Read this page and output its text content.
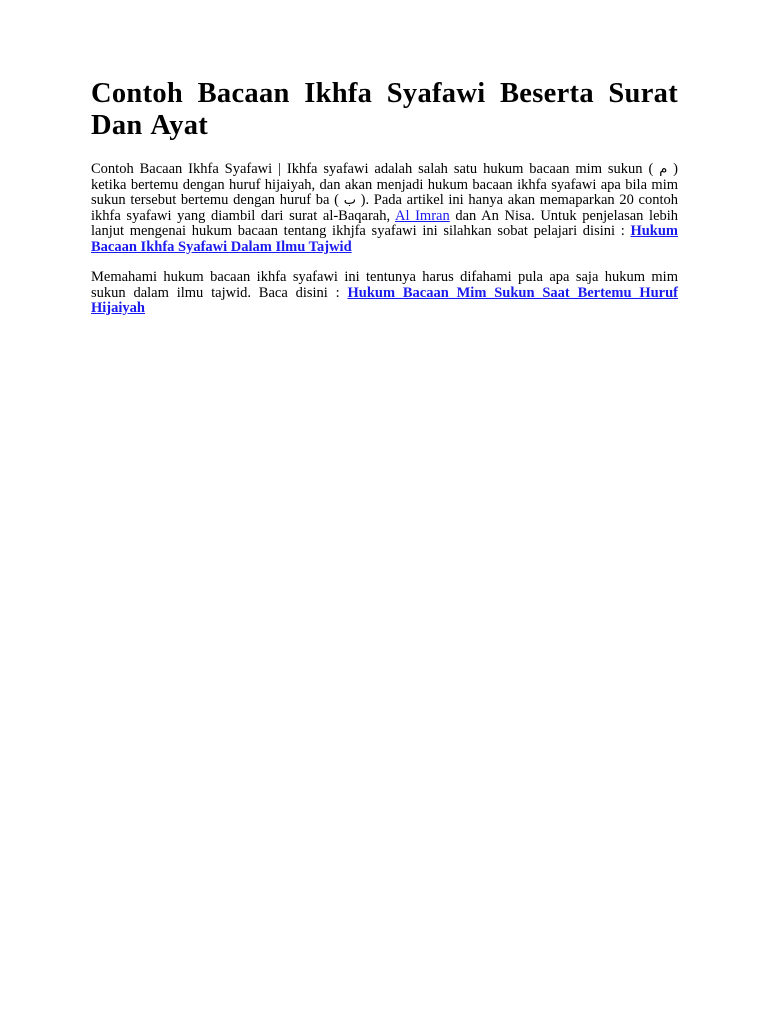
Contoh Bacaan Ikhfa Syafawi Beserta Surat Dan Ayat

Contoh Bacaan Ikhfa Syafawi | Ikhfa syafawi adalah salah satu hukum bacaan mim sukun ( م ) ketika bertemu dengan huruf hijaiyah, dan akan menjadi hukum bacaan ikhfa syafawi apa bila mim sukun tersebut bertemu dengan huruf ba ( ب ). Pada artikel ini hanya akan memaparkan 20 contoh ikhfa syafawi yang diambil dari surat al-Baqarah, Al Imran dan An Nisa. Untuk penjelasan lebih lanjut mengenai hukum bacaan tentang ikhjfa syafawi ini silahkan sobat pelajari disini : Hukum Bacaan Ikhfa Syafawi Dalam Ilmu Tajwid

Memahami hukum bacaan ikhfa syafawi ini tentunya harus difahami pula apa saja hukum mim sukun dalam ilmu tajwid. Baca disini : Hukum Bacaan Mim Sukun Saat Bertemu Huruf Hijaiyah
